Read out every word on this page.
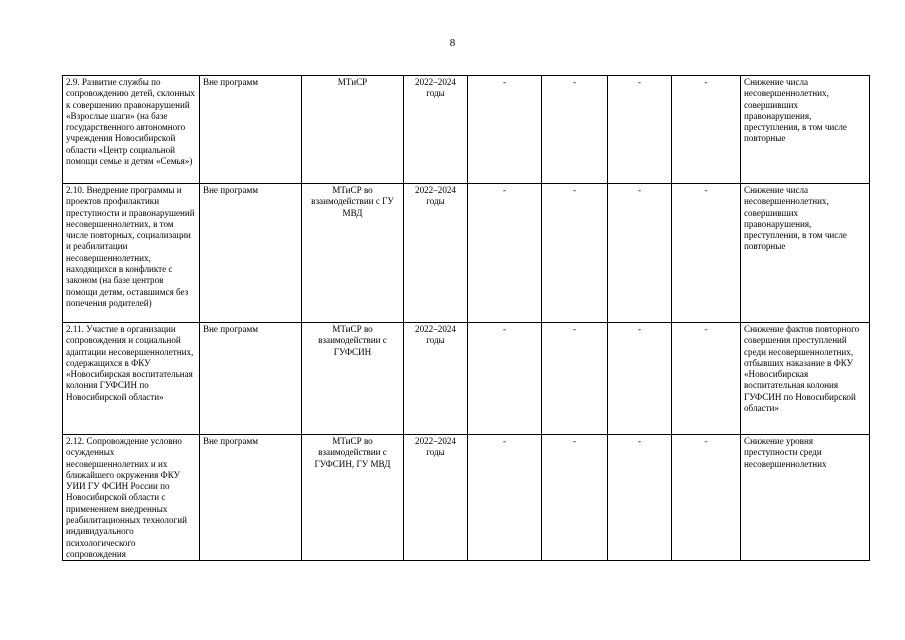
8
2.9. Развитие службы по сопровождению детей, склонных к совершению правонарушений «Взрослые шаги» (на базе государственного автономного учреждения Новосибирской области «Центр социальной помощи семье и детям «Семья»)	Вне программ	МТиСР	2022–2024 годы	-	-	-	-	Снижение числа несовершеннолетних, совершивших правонарушения, преступления, в том числе повторные
2.10. Внедрение программы и проектов профилактики преступности и правонарушений несовершеннолетних, в том числе повторных, социализации и реабилитации несовершеннолетних, находящихся в конфликте с законом (на базе центров помощи детям, оставшимся без попечения родителей)	Вне программ	МТиСР во взаимодействии с ГУ МВД	2022–2024 годы	-	-	-	-	Снижение числа несовершеннолетних, совершивших правонарушения, преступления, в том числе повторные
2.11. Участие в организации сопровождения и социальной адаптации несовершеннолетних, содержащихся в ФКУ «Новосибирская воспитательная колония ГУФСИН по Новосибирской области»	Вне программ	МТиСР во взаимодействии с ГУФСИН	2022–2024 годы	-	-	-	-	Снижение фактов повторного совершения преступлений среди несовершеннолетних, отбывших наказание в ФКУ «Новосибирская воспитательная колония ГУФСИН по Новосибирской области»
2.12. Сопровождение условно осужденных несовершеннолетних и их ближайшего окружения ФКУ УИИ ГУ ФСИН России по Новосибирской области с применением внедренных реабилитационных технологий индивидуального психологического сопровождения	Вне программ	МТиСР во взаимодействии с ГУФСИН, ГУ МВД	2022–2024 годы	-	-	-	-	Снижение уровня преступности среди несовершеннолетних
